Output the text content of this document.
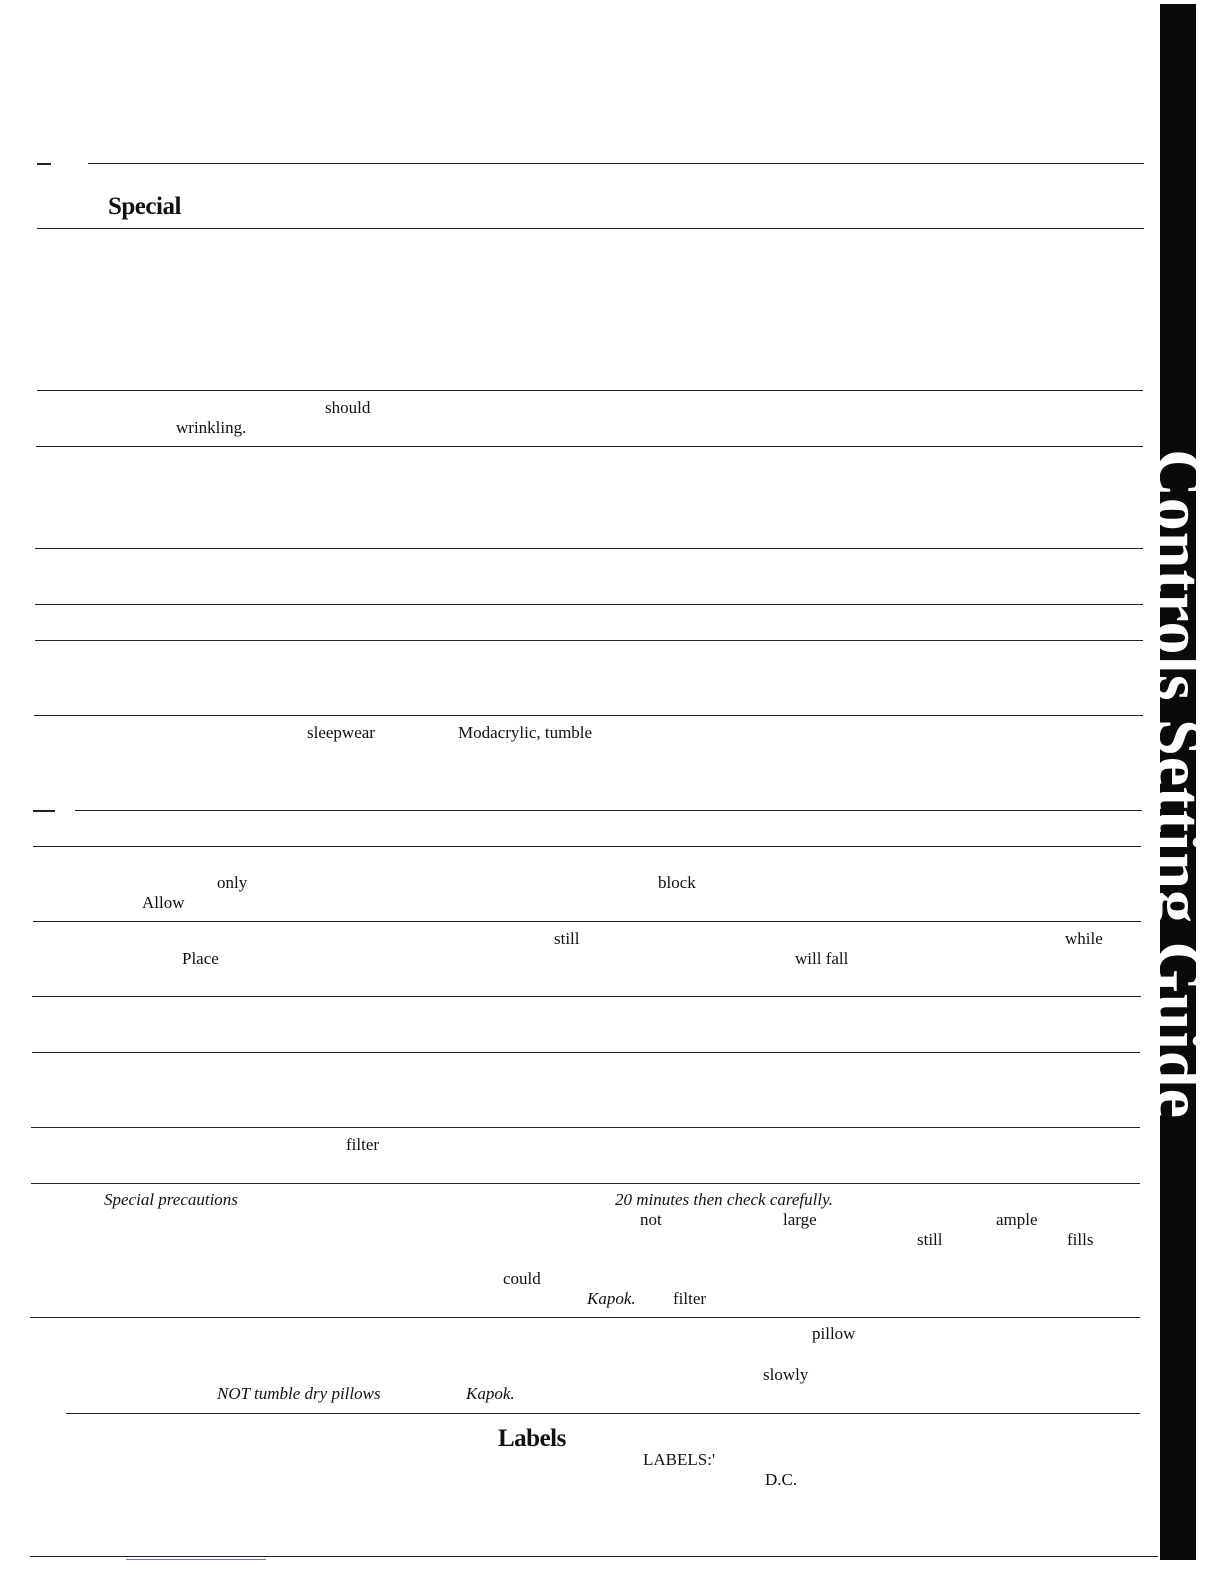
Controls Setting Guide
Special
should
wrinkling.
sleepwear	Modacrylic, tumble
only	block
Allow
still	while
Place	will fall
filter
Special precautions	20 minutes then check carefully.
not	large	ample
still	fills
could
Kapok. filter
pillow
slowly
NOT tumble dry pillows	Kapok.
Labels
LABELS:'
D.C.
